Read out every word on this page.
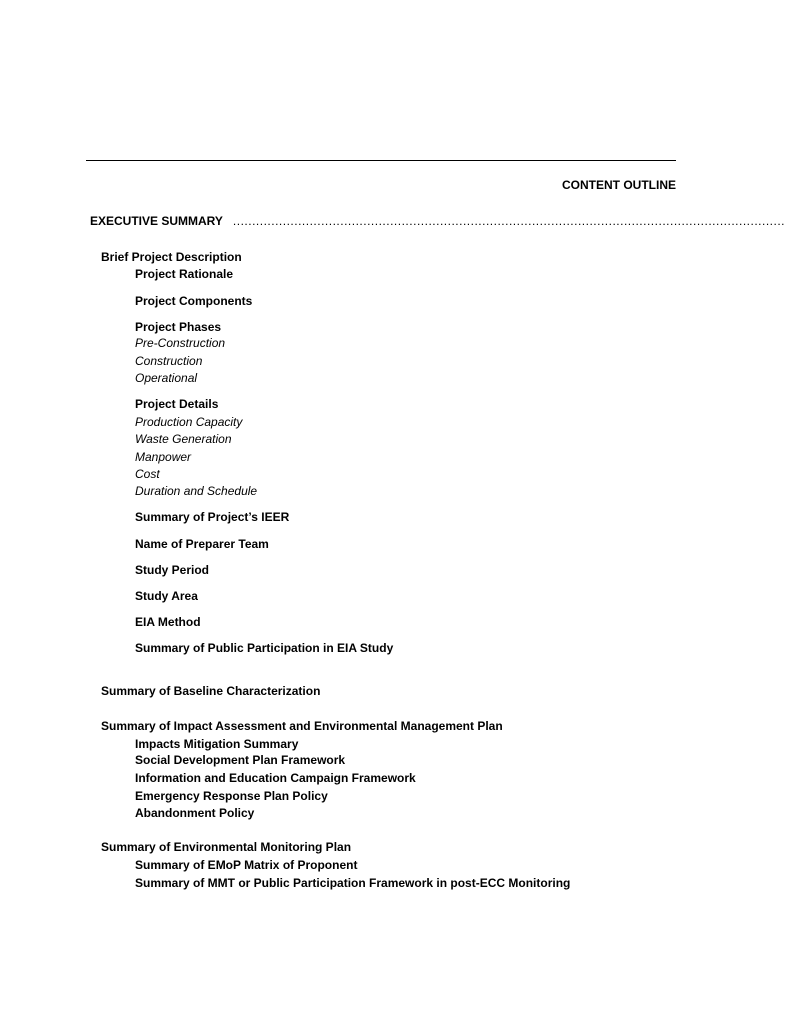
CONTENT OUTLINE
EXECUTIVE SUMMARY ................................................................................................................................................
Brief Project Description
Project Rationale
Project Components
Project Phases
Pre-Construction
Construction
Operational
Project Details
Production Capacity
Waste Generation
Manpower
Cost
Duration and Schedule
Summary of Project’s IEER
Name of Preparer Team
Study Period
Study Area
EIA Method
Summary of Public Participation in EIA Study
Summary of Baseline Characterization
Summary of Impact Assessment and Environmental Management Plan
Impacts Mitigation Summary
Social Development Plan Framework
Information and Education Campaign Framework
Emergency Response Plan Policy
Abandonment Policy
Summary of Environmental Monitoring Plan
Summary of EMoP Matrix of Proponent
Summary of MMT or Public Participation Framework in post-ECC Monitoring
